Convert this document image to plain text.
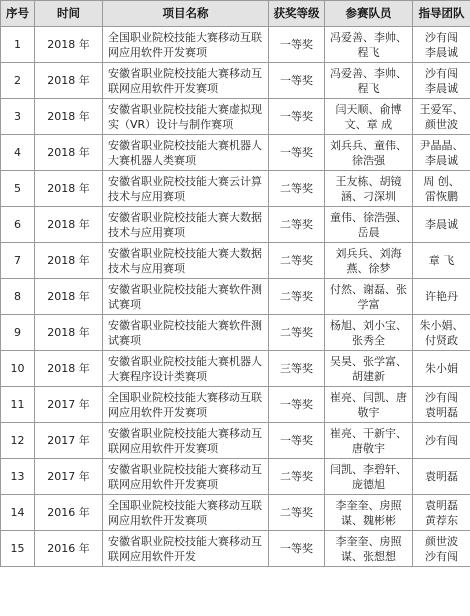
序号	时间	项目名称	获奖等级	参赛队员	指导团队
1	2018 年	全国职业院校技能大赛移动互联网应用软件开发赛项	一等奖	冯爱善、李帅、程飞	沙有闯
李晨诚
2	2018 年	安徽省职业院校技能大赛移动互联网应用软件开发赛项	一等奖	冯爱善、李帅、程飞	沙有闯
李晨诚
3	2018 年	安徽省职业院校技能大赛虚拟现实（VR）设计与制作赛项	一等奖	闫天顺、俞博文、章 成	王爱军、
颜世波
4	2018 年	安徽省职业院校技能大赛机器人大赛机器人类赛项	一等奖	刘兵兵、童伟、徐浩强	尹晶晶、
李晨诚
5	2018 年	安徽省职业院校技能大赛云计算技术与应用赛项	二等奖	王友栋、胡镜涵、刁深圳	周 创、
雷恢鹏
6	2018 年	安徽省职业院校技能大赛大数据技术与应用赛项	二等奖	童伟、徐浩强、岳晨	李晨诚
7	2018 年	安徽省职业院校技能大赛大数据技术与应用赛项	二等奖	刘兵兵、刘海燕、徐梦	章 飞
8	2018 年	安徽省职业院校技能大赛软件测试赛项	二等奖	付然、谢磊、张学富	许艳丹
9	2018 年	安徽省职业院校技能大赛软件测试赛项	二等奖	杨旭、刘小宝、张秀全	朱小娟、
付贤政
10	2018 年	安徽省职业院校技能大赛机器人大赛程序设计类赛项	三等奖	吴昊、张学富、胡建新	朱小娟
11	2017 年	全国职业院校技能大赛移动互联网应用软件开发赛项	一等奖	崔亮、闫凯、唐敬宇	沙有闯
袁明磊
12	2017 年	安徽省职业院校技能大赛移动互联网应用软件开发赛项	一等奖	崔亮、干新宇、唐敬宇	沙有闯
13	2017 年	安徽省职业院校技能大赛移动互联网应用软件开发赛项	二等奖	闫凯、李碧轩、庞德旭	袁明磊
14	2016 年	全国职业院校技能大赛移动互联网应用软件开发赛项	二等奖	李奎奎、房照谋、魏彬彬	袁明磊
黄荐东
15	2016 年	安徽省职业院校技能大赛移动互联网应用软件开发	一等奖	李奎奎、房照谋、张想想	颜世波
沙有闯
